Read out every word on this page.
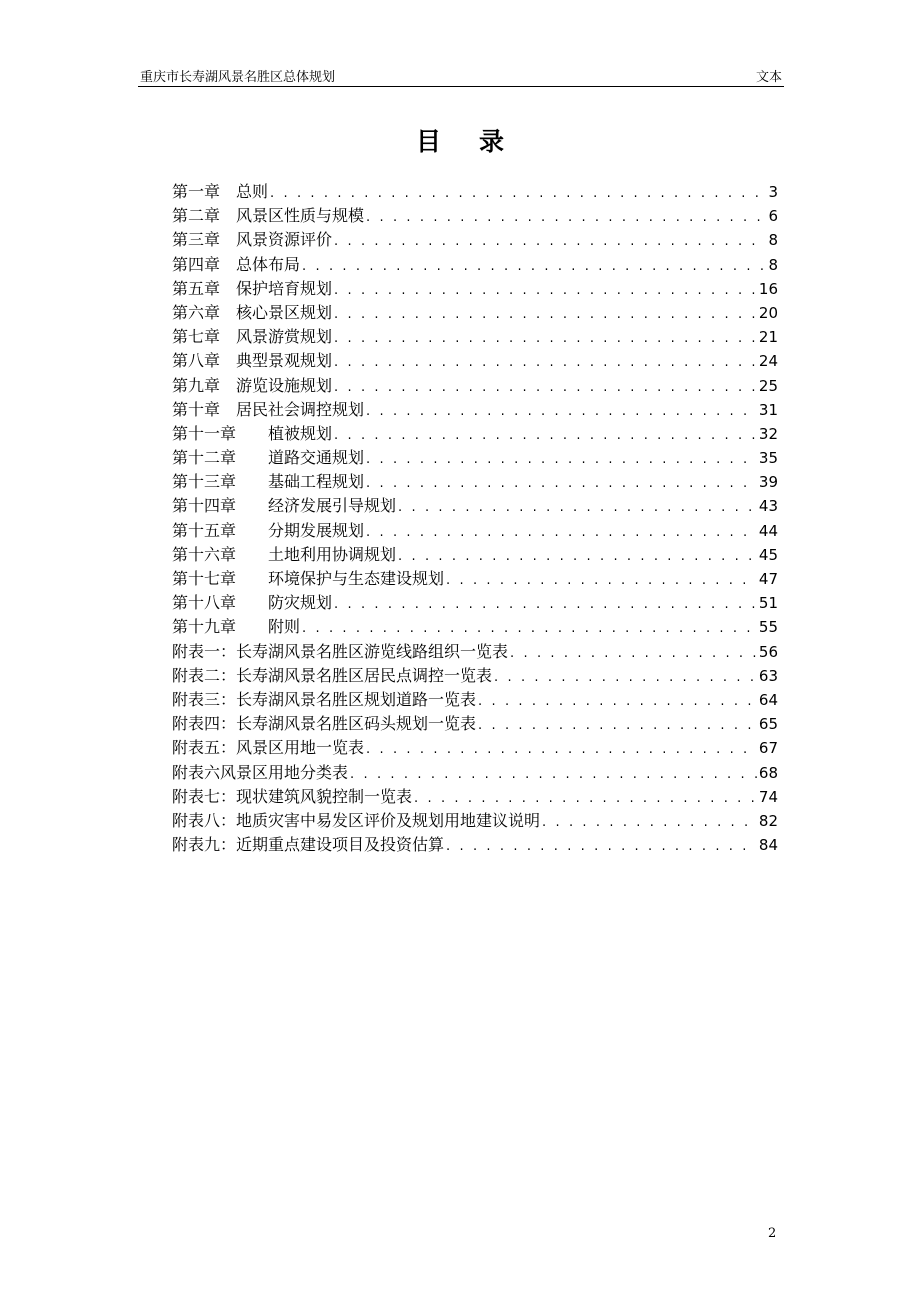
重庆市长寿湖风景名胜区总体规划	文本
目录
第一章 总则 . . .	3
第二章 风景区性质与规模 . . .	6
第三章 风景资源评价 . . .	8
第四章 总体布局 . . .	8
第五章 保护培育规划 . . .	16
第六章 核心景区规划 . . .	20
第七章 风景游赏规划 . . .	21
第八章 典型景观规划 . . .	24
第九章 游览设施规划 . . .	25
第十章 居民社会调控规划 . . .	31
第十一章	植被规划 . . .	32
第十二章	道路交通规划 . . .	35
第十三章	基础工程规划 . . .	39
第十四章	经济发展引导规划 . . .	43
第十五章	分期发展规划 . . .	44
第十六章	土地利用协调规划 . . .	45
第十七章	环境保护与生态建设规划 . . .	47
第十八章	防灾规划 . . .	51
第十九章	附则 . . .	55
附表一： 长寿湖风景名胜区游览线路组织一览表 . . .	56
附表二： 长寿湖风景名胜区居民点调控一览表 . . .	63
附表三： 长寿湖风景名胜区规划道路一览表 . . .	64
附表四： 长寿湖风景名胜区码头规划一览表 . . .	65
附表五： 风景区用地一览表 . . .	67
附表六 风景区用地分类表 . . .	68
附表七： 现状建筑风貌控制一览表 . . .	74
附表八： 地质灾害中易发区评价及规划用地建议说明 . . .	82
附表九： 近期重点建设项目及投资估算 . . .	84
2
